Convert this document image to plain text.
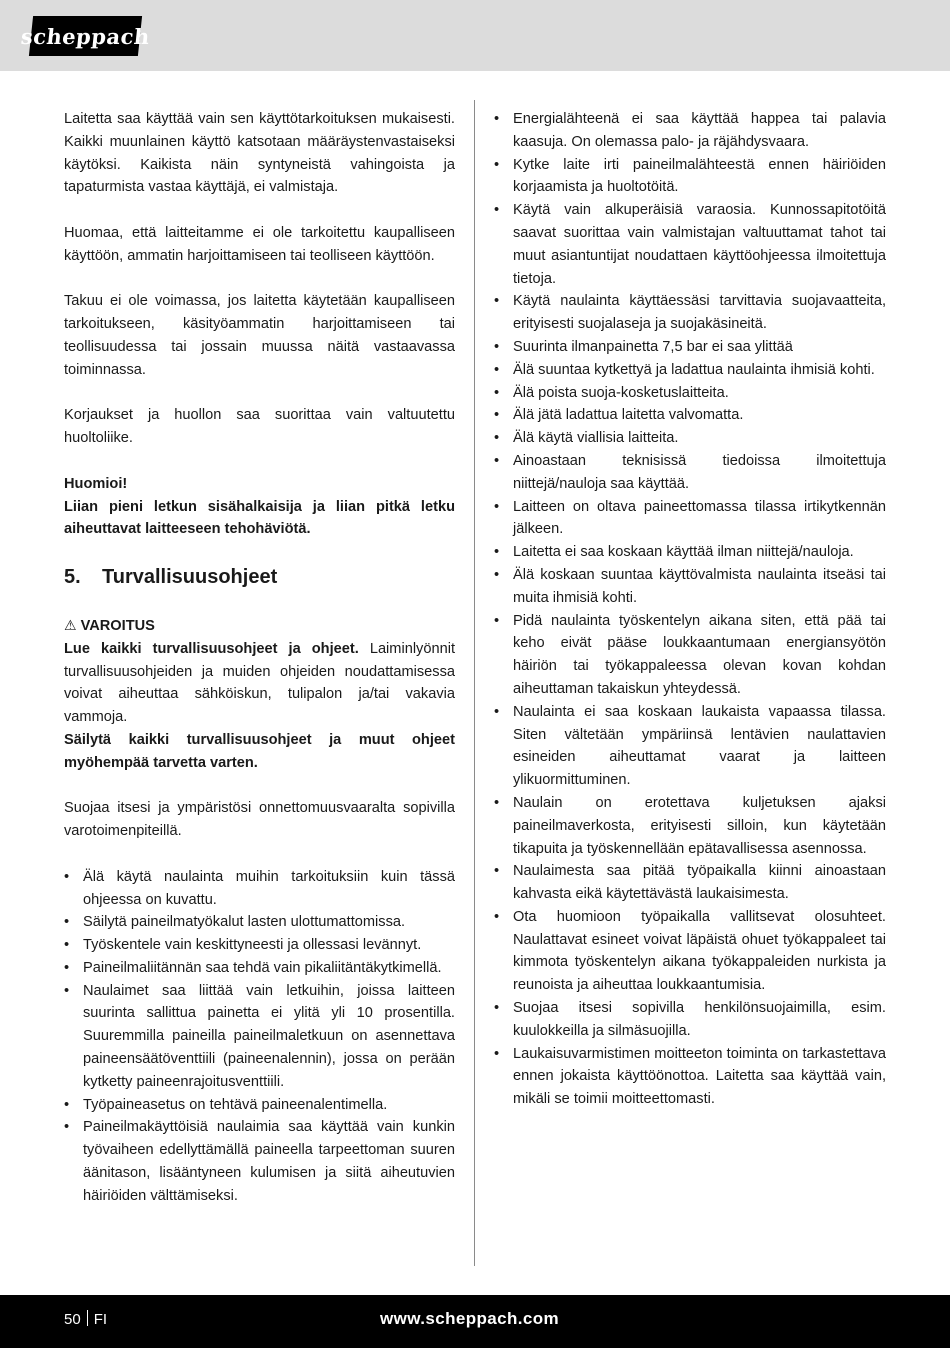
scheppach

Laitetta saa käyttää vain sen käyttötarkoituksen mukaisesti. Kaikki muunlainen käyttö katsotaan määräystenvastaiseksi käytöksi. Kaikista näin syntyneistä vahingoista ja tapaturmista vastaa käyttäjä, ei valmistaja.

Huomaa, että laitteitamme ei ole tarkoitettu kaupalliseen käyttöön, ammatin harjoittamiseen tai teolliseen käyttöön.

Takuu ei ole voimassa, jos laitetta käytetään kaupalliseen tarkoitukseen, käsityöammatin harjoittamiseen tai teollisuudessa tai jossain muussa näitä vastaavassa toiminnassa.

Korjaukset ja huollon saa suorittaa vain valtuutettu huoltoliike.

Huomioi!

Liian pieni letkun sisähalkaisija ja liian pitkä letku aiheuttavat laitteeseen tehohäviötä.

5. Turvallisuusohjeet
⚠ VAROITUS
Lue kaikki turvallisuusohjeet ja ohjeet. Laiminlyönnit turvallisuusohjeiden ja muiden ohjeiden noudattamisessa voivat aiheuttaa sähköiskun, tulipalon ja/tai vakavia vammoja.

Säilytä kaikki turvallisuusohjeet ja muut ohjeet myöhempää tarvetta varten.

Suojaa itsesi ja ympäristösi onnettomuusvaaralta sopivilla varotoimenpiteillä.

• Älä käytä naulainta muihin tarkoituksiin kuin tässä ohjeessa on kuvattu.
• Säilytä paineilmatyökalut lasten ulottumattomissa.
• Työskentele vain keskittyneesti ja ollessasi levännyt.
• Paineilmaliitännän saa tehdä vain pikaliitäntäkytkimellä.
• Naulaimet saa liittää vain letkuihin, joissa laitteen suurinta sallittua painetta ei ylitä yli 10 prosentilla. Suuremmilla paineilla paineilmaletkuun on asennettava paineensäätöventtiili (paineenalennin), jossa on perään kytketty paineenrajoitusventtiili.
• Työpaineasetus on tehtävä paineenalentimella.
• Paineilmakäyttöisiä naulaimia saa käyttää vain kunkin työvaiheen edellyttämällä paineella tarpeettoman suuren äänitason, lisääntyneen kulumisen ja siitä aiheutuvien häiriöiden välttämiseksi.
• Energialähteenä ei saa käyttää happea tai palavia kaasuja. On olemassa palo- ja räjähdysvaara.
• Kytke laite irti paineilmalähteestä ennen häiriöiden korjaamista ja huoltotöitä.
• Käytä vain alkuperäisiä varaosia. Kunnossapitotöitä saavat suorittaa vain valmistajan valtuuttamat tahot tai muut asiantuntijat noudattaen käyttöohjeessa ilmoitettuja tietoja.
• Käytä naulainta käyttäessäsi tarvittavia suojavaatteita, erityisesti suojalaseja ja suojakäsineitä.
• Suurinta ilmanpainetta 7,5 bar ei saa ylittää
• Älä suuntaa kytkettyä ja ladattua naulainta ihmisiä kohti.
• Älä poista suoja-kosketuslaitteita.
• Älä jätä ladattua laitetta valvomatta.
• Älä käytä viallisia laitteita.
• Ainoastaan teknisissä tiedoissa ilmoitettuja niittejä/nauloja saa käyttää.
• Laitteen on oltava paineettomassa tilassa irtikytkennän jälkeen.
• Laitetta ei saa koskaan käyttää ilman niittejä/nauloja.
• Älä koskaan suuntaa käyttövalmista naulainta itseäsi tai muita ihmisiä kohti.
• Pidä naulainta työskentelyn aikana siten, että pää tai keho eivät pääse loukkaantumaan energiansyötön häiriön tai työkappaleessa olevan kovan kohdan aiheuttaman takaiskun yhteydessä.
• Naulainta ei saa koskaan laukaista vapaassa tilassa. Siten vältetään ympäriinsä lentävien naulattavien esineiden aiheuttamat vaarat ja laitteen ylikuormittuminen.
• Naulain on erotettava kuljetuksen ajaksi paineilmaverkosta, erityisesti silloin, kun käytetään tikapuita ja työskennellään epätavallisessa asennossa.
• Naulaimesta saa pitää työpaikalla kiinni ainoastaan kahvasta eikä käytettävästä laukaisimesta.
• Ota huomioon työpaikalla vallitsevat olosuhteet. Naulattavat esineet voivat läpäistä ohuet työkappaleet tai kimmota työskentelyn aikana työkappaleiden nurkista ja reunoista ja aiheuttaa loukkaantumisia.
• Suojaa itsesi sopivilla henkilönsuojaimilla, esim. kuulokkeilla ja silmäsuojilla.
• Laukaisuvarmistimen moitteeton toiminta on tarkastettava ennen jokaista käyttöönottoa. Laitetta saa käyttää vain, mikäli se toimii moitteettomasti.
50 FI	www.scheppach.com
